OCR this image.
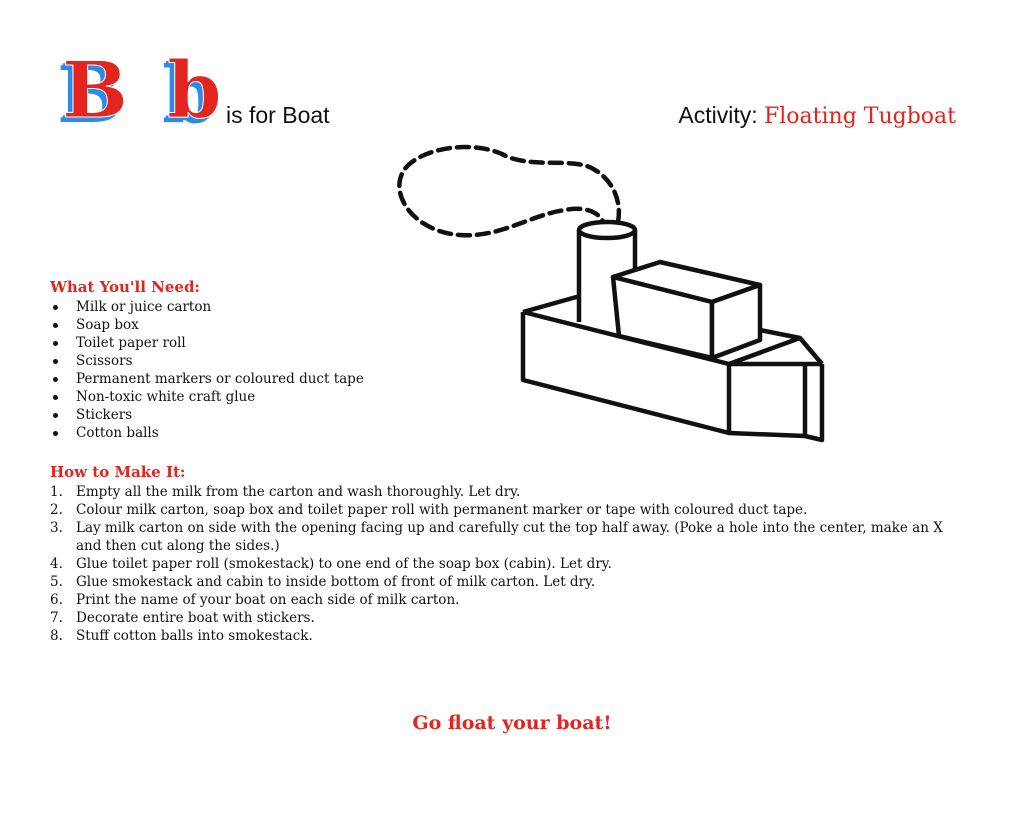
B b
is for Boat	Activity: Floating Tugboat
What You'll Need:
Milk or juice carton
Soap box
Toilet paper roll
Scissors
Permanent markers or coloured duct tape
Non-toxic white craft glue
Stickers
Cotton balls
How to Make It:
1. Empty all the milk from the carton and wash thoroughly. Let dry.
2. Colour milk carton, soap box and toilet paper roll with permanent marker or tape with coloured duct tape.
3. Lay milk carton on side with the opening facing up and carefully cut the top half away. (Poke a hole into the center, make an X and then cut along the sides.)
4. Glue toilet paper roll (smokestack) to one end of the soap box (cabin). Let dry.
5. Glue smokestack and cabin to inside bottom of front of milk carton. Let dry.
6. Print the name of your boat on each side of milk carton.
7. Decorate entire boat with stickers.
8. Stuff cotton balls into smokestack.
Go float your boat!
